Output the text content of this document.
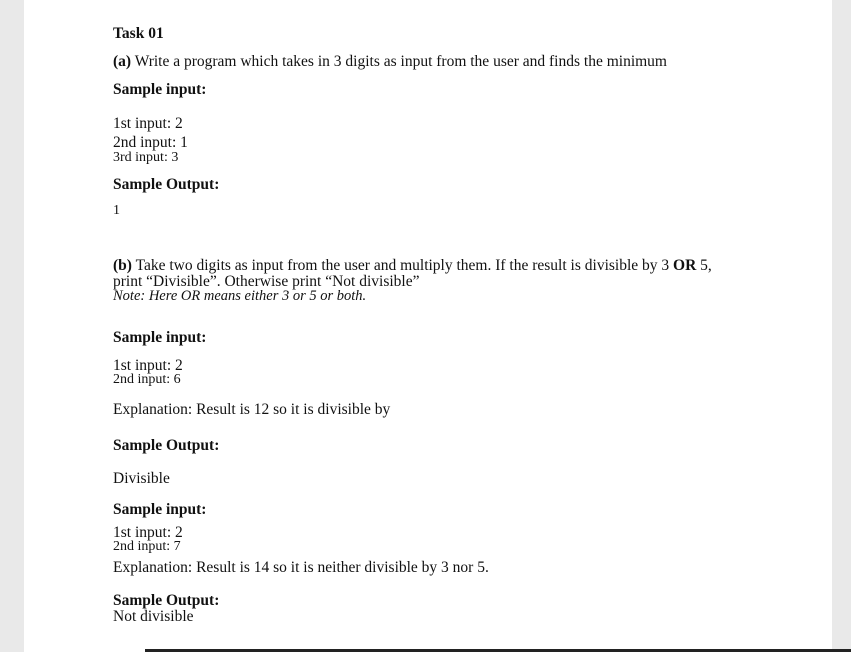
Task 01
(a) Write a program which takes in 3 digits as input from the user and finds the minimum
Sample input:
1st input: 2
2nd input: 1
3rd input: 3
Sample Output:
1
(b) Take two digits as input from the user and multiply them. If the result is divisible by 3 OR 5,
print “Divisible”. Otherwise print “Not divisible”
Note: Here OR means either 3 or 5 or both.
Sample input:
1st input: 2
2nd input: 6
Explanation: Result is 12 so it is divisible by
Sample Output:
Divisible
Sample input:
1st input: 2
2nd input: 7
Explanation: Result is 14 so it is neither divisible by 3 nor 5.
Sample Output:
Not divisible
